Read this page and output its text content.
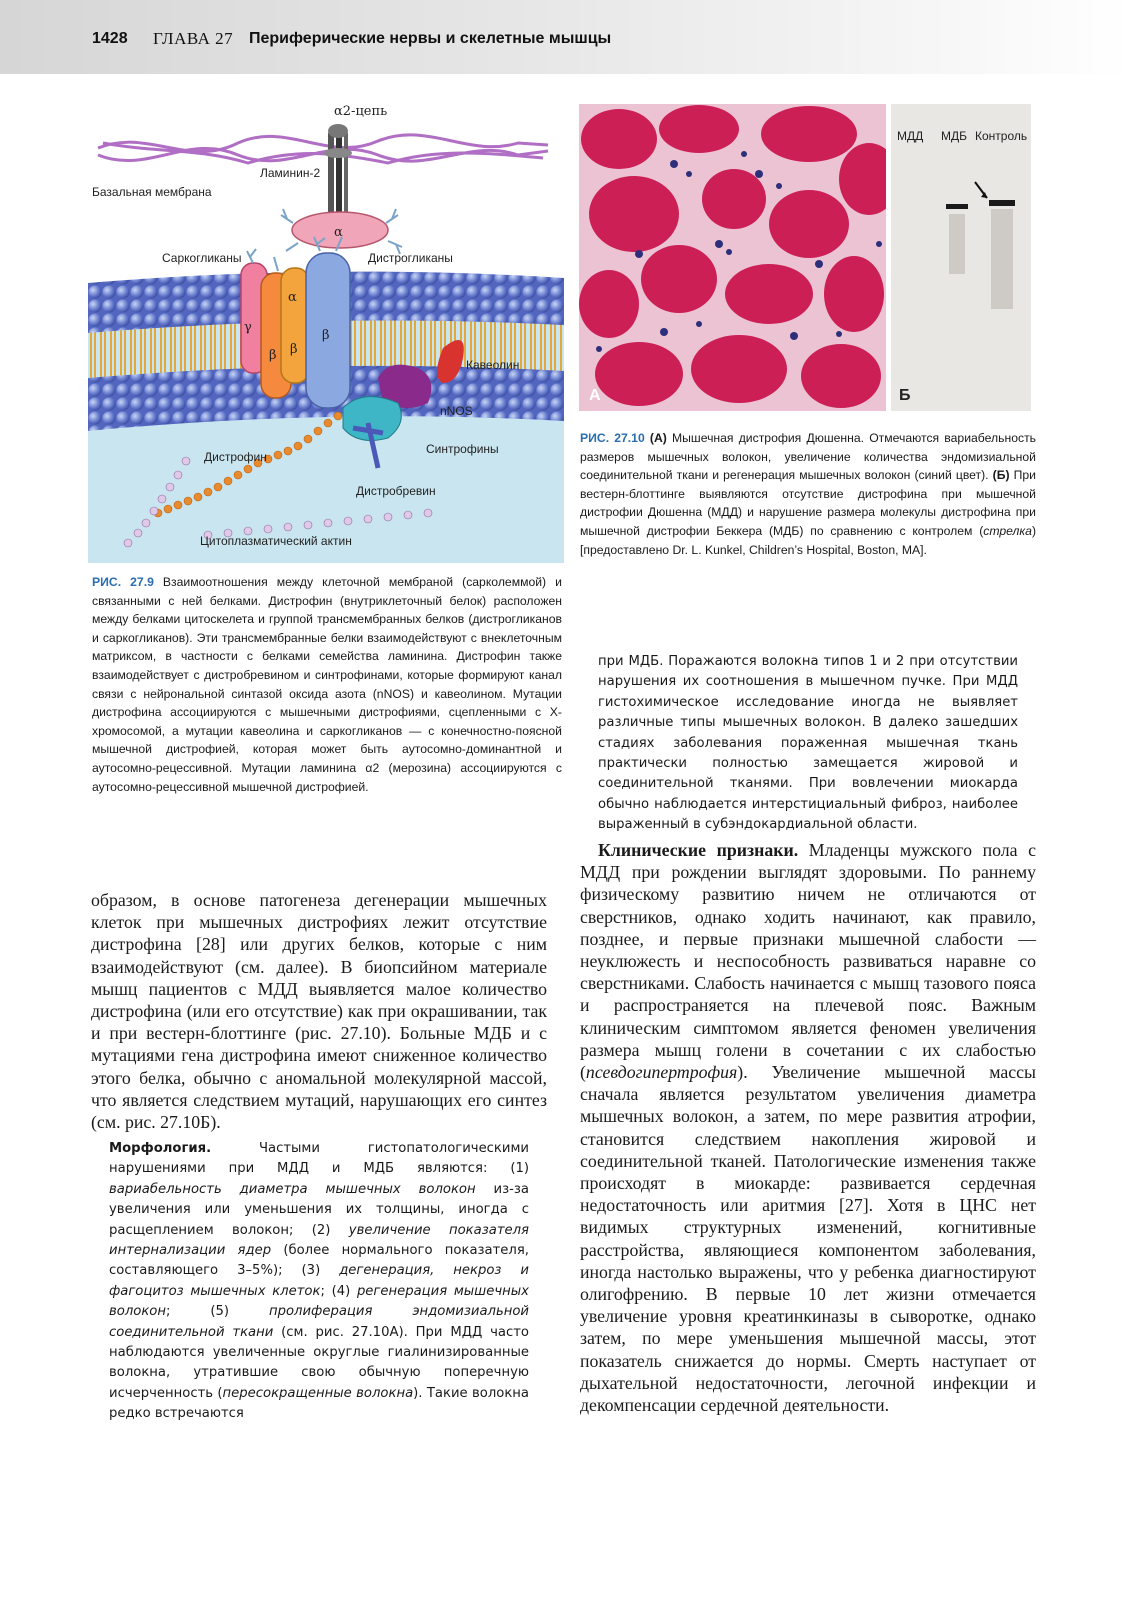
1428 ГЛАВА 27 Периферические нервы и скелетные мышцы
α2-цепь
Ламинин-2
Базальная мембрана
α
Саркогликаны	Дистрогликаны
γ
β
α
β
β
Кавеолин
nNOS
Синтрофины
Дистрофин
Дистробревин
Цитоплазматический актин
А
МДД МДБ Контроль
Б
РИС. 27.9 Взаимоотношения между клеточной мембраной (сарколеммой) и связанными с ней белками. Дистрофин (внутриклеточный белок) расположен между белками цитоскелета и группой трансмембранных белков (дистрогликанов и саркогликанов). Эти трансмембранные белки взаимодействуют с внеклеточным матриксом, в частности с белками семейства ламинина. Дистрофин также взаимодействует с дистробревином и синтрофинами, которые формируют канал связи с нейрональной синтазой оксида азота (nNOS) и кавеолином. Мутации дистрофина ассоциируются с мышечными дистрофиями, сцепленными с Х-хромосомой, а мутации кавеолина и саркогликанов — с конечностно-поясной мышечной дистрофией, которая может быть аутосомно-доминантной и аутосомно-рецессивной. Мутации ламинина α2 (мерозина) ассоциируются с аутосомно-рецессивной мышечной дистрофией.
РИС. 27.10 (А) Мышечная дистрофия Дюшенна. Отмечаются вариабельность размеров мышечных волокон, увеличение количества эндомизиальной соединительной ткани и регенерация мышечных волокон (синий цвет). (Б) При вестерн-блоттинге выявляются отсутствие дистрофина при мышечной дистрофии Дюшенна (МДД) и нарушение размера молекулы дистрофина при мышечной дистрофии Беккера (МДБ) по сравнению с контролем (стрелка) [предоставлено Dr. L. Kunkel, Children’s Hospital, Boston, MA].
при МДБ. Поражаются волокна типов 1 и 2 при отсутствии нарушения их соотношения в мышечном пучке. При МДД гистохимическое исследование иногда не выявляет различные типы мышечных волокон. В далеко зашедших стадиях заболевания пораженная мышечная ткань практически полностью замещается жировой и соединительной тканями. При вовлечении миокарда обычно наблюдается интерстициальный фиброз, наиболее выраженный в субэндокардиальной области.
образом, в основе патогенеза дегенерации мышечных клеток при мышечных дистрофиях лежит отсутствие дистрофина [28] или других белков, которые с ним взаимодействуют (см. далее). В биопсийном материале мышц пациентов с МДД выявляется малое количество дистрофина (или его отсутствие) как при окрашивании, так и при вестерн-блоттинге (рис. 27.10). Больные МДБ и с мутациями гена дистрофина имеют сниженное количество этого белка, обычно с аномальной молекулярной массой, что является следствием мутаций, нарушающих его синтез (см. рис. 27.10Б).
Морфология.	Частыми гистопатологическими нарушениями при МДД и МДБ являются: (1) вариабельность диаметра мышечных волокон из-за увеличения или уменьшения их толщины, иногда с расщеплением волокон; (2) увеличение показателя интернализации ядер (более нормального показателя, составляющего 3–5%); (3) дегенерация, некроз и фагоцитоз мышечных клеток; (4) регенерация мышечных волокон; (5) пролиферация эндомизиальной соединительной ткани (см. рис. 27.10А). При МДД часто наблюдаются увеличенные округлые гиалинизированные волокна, утратившие свою обычную поперечную исчерченность (пересокращенные волокна). Такие волокна редко встречаются
Клинические признаки. Младенцы мужского пола с МДД при рождении выглядят здоровыми. По раннему физическому развитию ничем не отличаются от сверстников, однако ходить начинают, как правило, позднее, и первые признаки мышечной слабости — неуклюжесть и неспособность развиваться наравне со сверстниками. Слабость начинается с мышц тазового пояса и распространяется на плечевой пояс. Важным клиническим симптомом является феномен увеличения размера мышц голени в сочетании с их слабостью (псевдогипертрофия). Увеличение мышечной массы сначала является результатом увеличения диаметра мышечных волокон, а затем, по мере развития атрофии, становится следствием накопления жировой и соединительной тканей. Патологические изменения также происходят в миокарде: развивается сердечная недостаточность или аритмия [27]. Хотя в ЦНС нет видимых структурных изменений, когнитивные расстройства, являющиеся компонентом заболевания, иногда настолько выражены, что у ребенка диагностируют олигофрению. В первые 10 лет жизни отмечается увеличение уровня креатинкиназы в сыворотке, однако затем, по мере уменьшения мышечной массы, этот показатель снижается до нормы. Смерть наступает от дыхательной недостаточности, легочной инфекции и декомпенсации сердечной деятельности.
